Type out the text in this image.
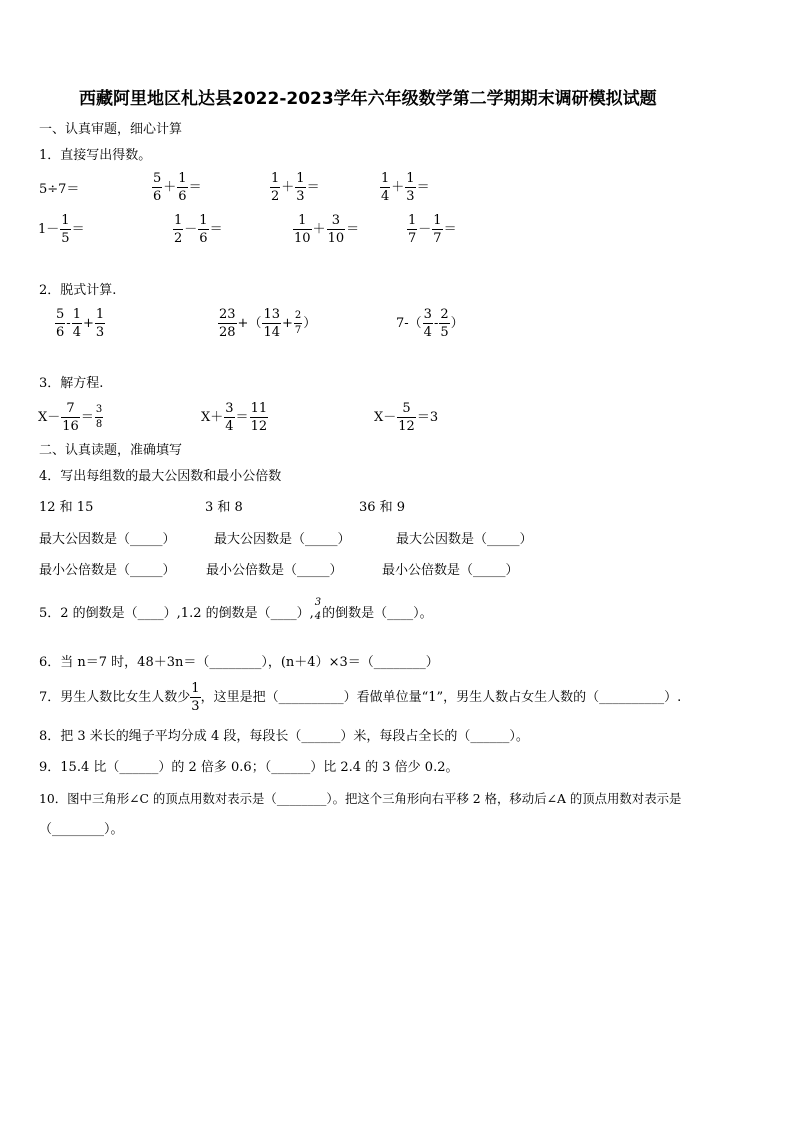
西藏阿里地区札达县2022-2023学年六年级数学第二学期期末调研模拟试题
一、认真审题，细心计算
1．直接写出得数。
5÷7＝	$\frac{5}{6} + \frac{1}{6}$ ＝	$\frac{1}{2} + \frac{1}{3}$ ＝	$\frac{1}{4} + \frac{1}{3}$ ＝
$1- \frac{1}{5}$ ＝	$\frac{1}{2} - \frac{1}{6}$ ＝	$\frac{1}{10} + \frac{3}{10}$ ＝	$\frac{1}{7} - \frac{1}{7}$ ＝
2．脱式计算.
$\frac{5}{6} - \frac{1}{4} + \frac{1}{3}$	$\frac{23}{28}$ +（ $\frac{13}{14} + \frac{2}{7}$ ）	$7-( \frac{3}{4} - \frac{2}{5}$ ）
3．解方程.
$X- \frac{7}{16} = \frac{3}{8}$	$X+ \frac{3}{4} = \frac{11}{12}$	$X- \frac{5}{12} =3$
二、认真读题，准确填写
4．写出每组数的最大公因数和最小公倍数
12 和 15	3 和 8	36 和 9
最大公因数是（_____）	最大公因数是（_____）	最大公因数是（_____）
最小公倍数是（_____） 最小公倍数是（_____）	最小公倍数是（_____）
5．2 的倒数是（____）,1.2 的倒数是（____）,
3
4 的倒数是（____）。
6．当 n＝7 时，48＋3n＝（________），(n＋4）×3＝（________）
7．男生人数比女生人数少 $\frac{1}{3}$ ，这里是把（__________）看做单位量“1”，男生人数占女生人数的（__________）.
8．把 3 米长的绳子平均分成 4 段，每段长（______）米，每段占全长的（______）。
9．15.4 比（______）的 2 倍多 0.6；（______）比 2.4 的 3 倍少 0.2。
10．图中三角形∠C 的顶点用数对表示是（________）。把这个三角形向右平移 2 格，移动后∠A 的顶点用数对表示是
（________）。
